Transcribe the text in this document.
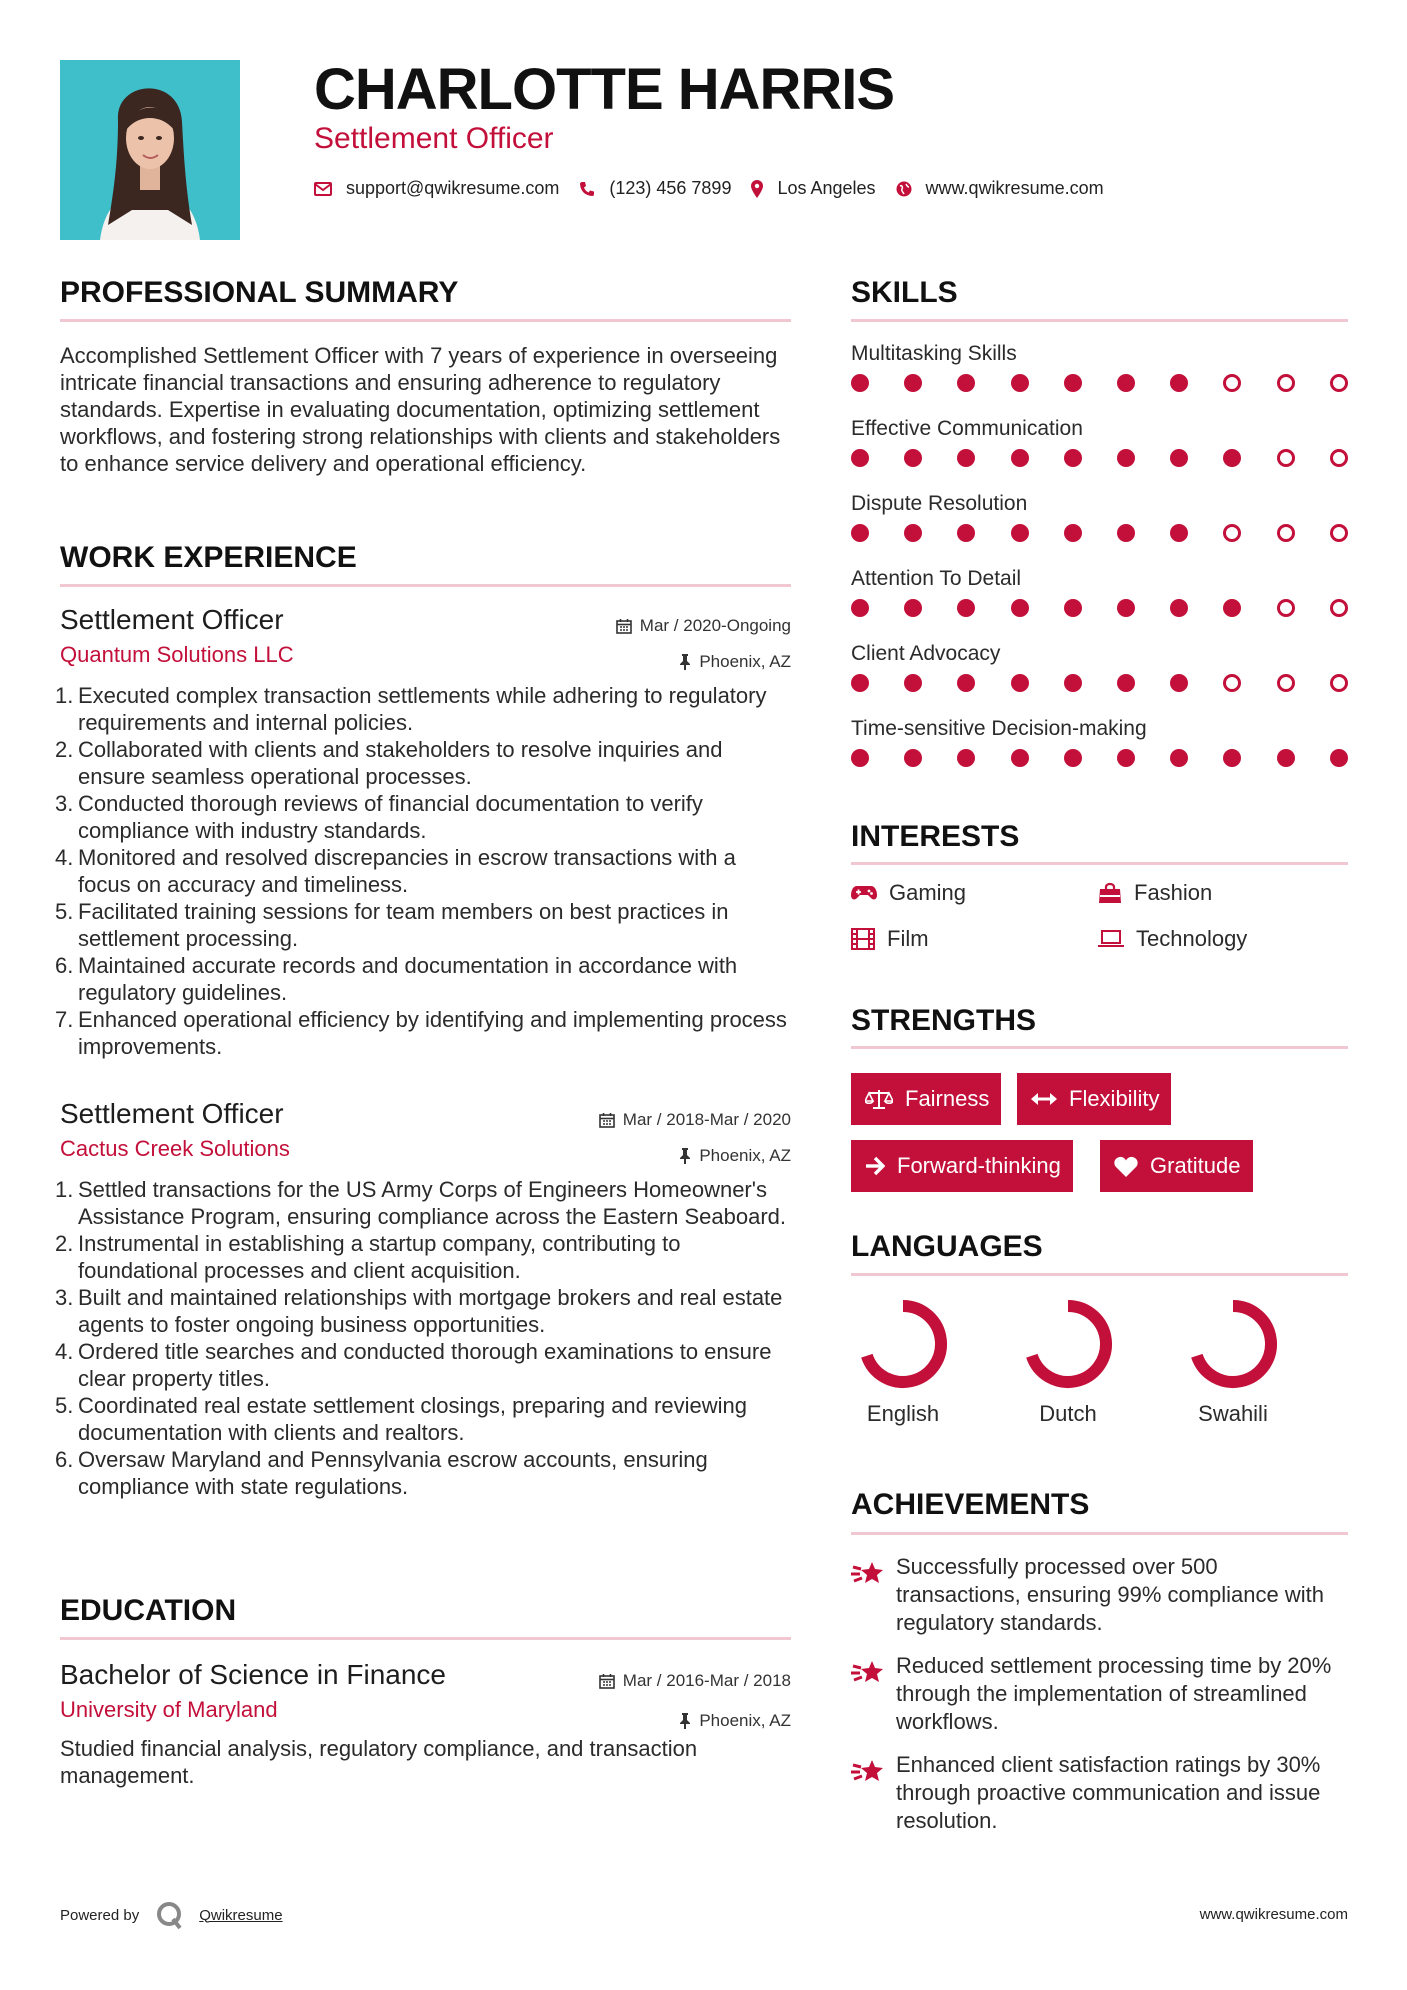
CHARLOTTE HARRIS
Settlement Officer
support@qwikresume.com	(123) 456 7899	Los Angeles	www.qwikresume.com
PROFESSIONAL SUMMARY
Accomplished Settlement Officer with 7 years of experience in overseeing intricate financial transactions and ensuring adherence to regulatory standards. Expertise in evaluating documentation, optimizing settlement workflows, and fostering strong relationships with clients and stakeholders to enhance service delivery and operational efficiency.
WORK EXPERIENCE
Settlement Officer	Mar / 2020-Ongoing
Quantum Solutions LLC	Phoenix, AZ
1. Executed complex transaction settlements while adhering to regulatory requirements and internal policies.
2. Collaborated with clients and stakeholders to resolve inquiries and ensure seamless operational processes.
3. Conducted thorough reviews of financial documentation to verify compliance with industry standards.
4. Monitored and resolved discrepancies in escrow transactions with a focus on accuracy and timeliness.
5. Facilitated training sessions for team members on best practices in settlement processing.
6. Maintained accurate records and documentation in accordance with regulatory guidelines.
7. Enhanced operational efficiency by identifying and implementing process improvements.
Settlement Officer	Mar / 2018-Mar / 2020
Cactus Creek Solutions	Phoenix, AZ
1. Settled transactions for the US Army Corps of Engineers Homeowner's Assistance Program, ensuring compliance across the Eastern Seaboard.
2. Instrumental in establishing a startup company, contributing to foundational processes and client acquisition.
3. Built and maintained relationships with mortgage brokers and real estate agents to foster ongoing business opportunities.
4. Ordered title searches and conducted thorough examinations to ensure clear property titles.
5. Coordinated real estate settlement closings, preparing and reviewing documentation with clients and realtors.
6. Oversaw Maryland and Pennsylvania escrow accounts, ensuring compliance with state regulations.
EDUCATION
Bachelor of Science in Finance	Mar / 2016-Mar / 2018
University of Maryland	Phoenix, AZ
Studied financial analysis, regulatory compliance, and transaction management.
SKILLS
Multitasking Skills
Effective Communication
Dispute Resolution
Attention To Detail
Client Advocacy
Time-sensitive Decision-making
INTERESTS
Gaming	Fashion
Film	Technology
STRENGTHS
Fairness	Flexibility
Forward-thinking	Gratitude
LANGUAGES
English	Dutch	Swahili
ACHIEVEMENTS
Successfully processed over 500 transactions, ensuring 99% compliance with regulatory standards.
Reduced settlement processing time by 20% through the implementation of streamlined workflows.
Enhanced client satisfaction ratings by 30% through proactive communication and issue resolution.
Powered by	Qwikresume	www.qwikresume.com
